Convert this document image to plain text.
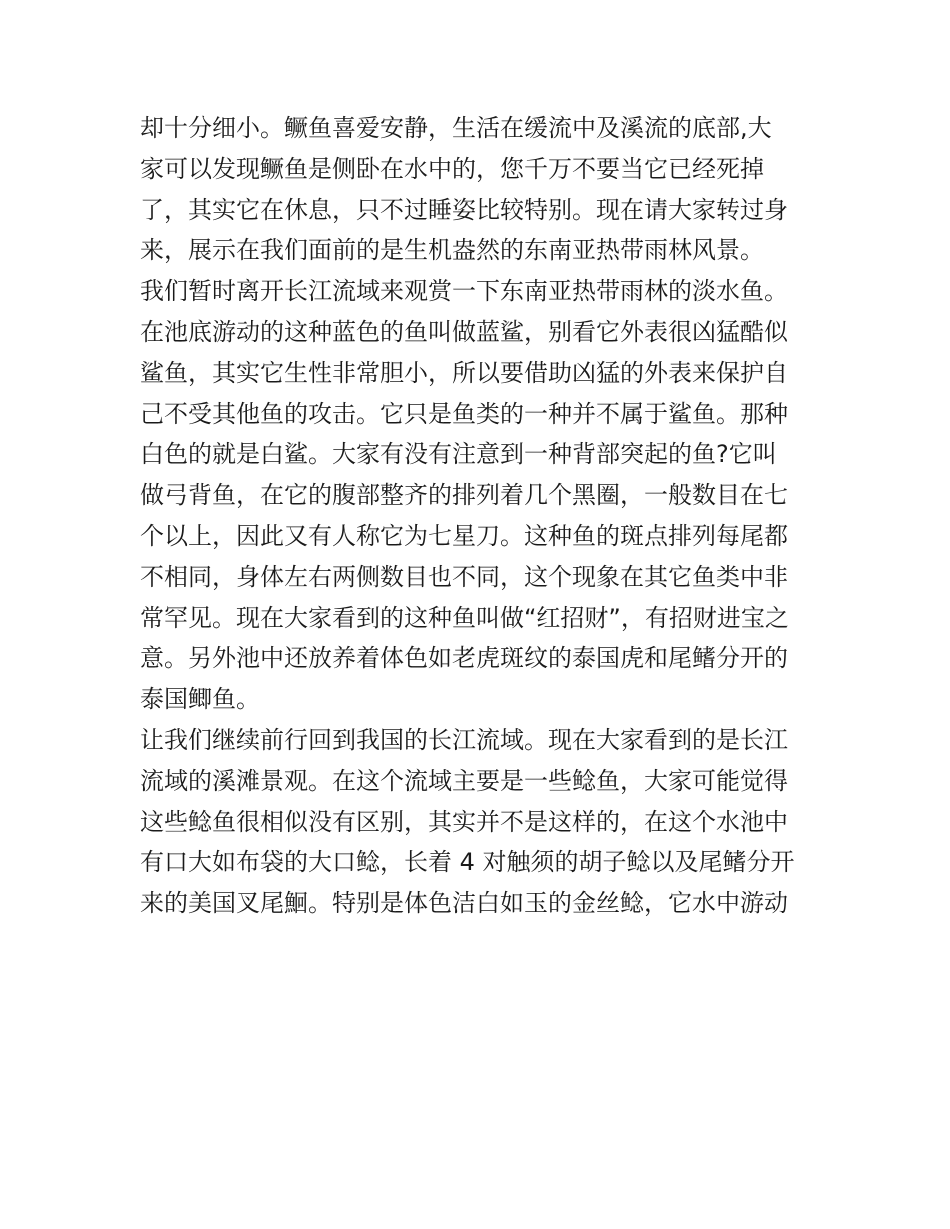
却十分细小。鳜鱼喜爱安静，生活在缓流中及溪流的底部,大
家可以发现鳜鱼是侧卧在水中的，您千万不要当它已经死掉
了，其实它在休息，只不过睡姿比较特别。现在请大家转过身
来，展示在我们面前的是生机盎然的东南亚热带雨林风景。
我们暂时离开长江流域来观赏一下东南亚热带雨林的淡水鱼。
在池底游动的这种蓝色的鱼叫做蓝鲨，别看它外表很凶猛酷似
鲨鱼，其实它生性非常胆小，所以要借助凶猛的外表来保护自
己不受其他鱼的攻击。它只是鱼类的一种并不属于鲨鱼。那种
白色的就是白鲨。大家有没有注意到一种背部突起的鱼?它叫
做弓背鱼，在它的腹部整齐的排列着几个黑圈，一般数目在七
个以上，因此又有人称它为七星刀。这种鱼的斑点排列每尾都
不相同，身体左右两侧数目也不同，这个现象在其它鱼类中非
常罕见。现在大家看到的这种鱼叫做“红招财”，有招财进宝之
意。另外池中还放养着体色如老虎斑纹的泰国虎和尾鳍分开的
泰国鲫鱼。
让我们继续前行回到我国的长江流域。现在大家看到的是长江
流域的溪滩景观。在这个流域主要是一些鲶鱼，大家可能觉得
这些鲶鱼很相似没有区别，其实并不是这样的，在这个水池中
有口大如布袋的大口鲶，长着 4 对触须的胡子鲶以及尾鳍分开
来的美国叉尾鮰。特别是体色洁白如玉的金丝鲶，它水中游动
